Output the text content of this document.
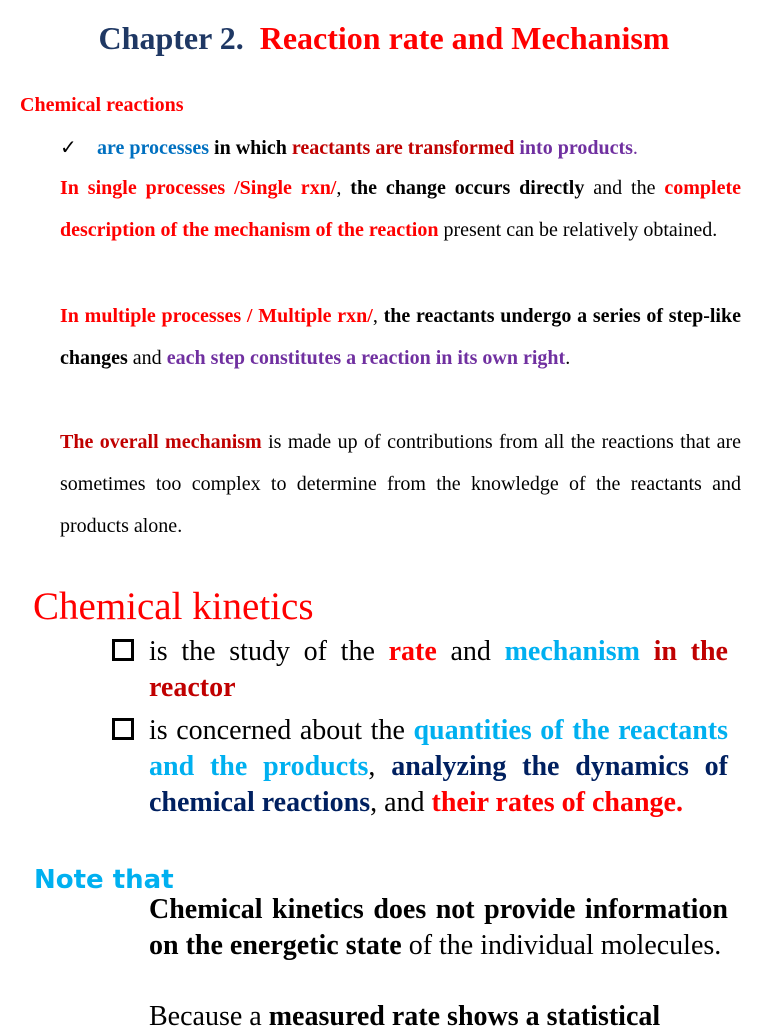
Chapter 2. Reaction rate and Mechanism
Chemical reactions
✓ are processes in which reactants are transformed into products.
In single processes /Single rxn/, the change occurs directly and the complete description of the mechanism of the reaction present can be relatively obtained.
In multiple processes / Multiple rxn/, the reactants undergo a series of step-like changes and each step constitutes a reaction in its own right.
The overall mechanism is made up of contributions from all the reactions that are sometimes too complex to determine from the knowledge of the reactants and products alone.
Chemical kinetics
is the study of the rate and mechanism in the reactor
is concerned about the quantities of the reactants and the products, analyzing the dynamics of chemical reactions, and their rates of change.
Note that
Chemical kinetics does not provide information on the energetic state of the individual molecules.
Because a measured rate shows a statistical
